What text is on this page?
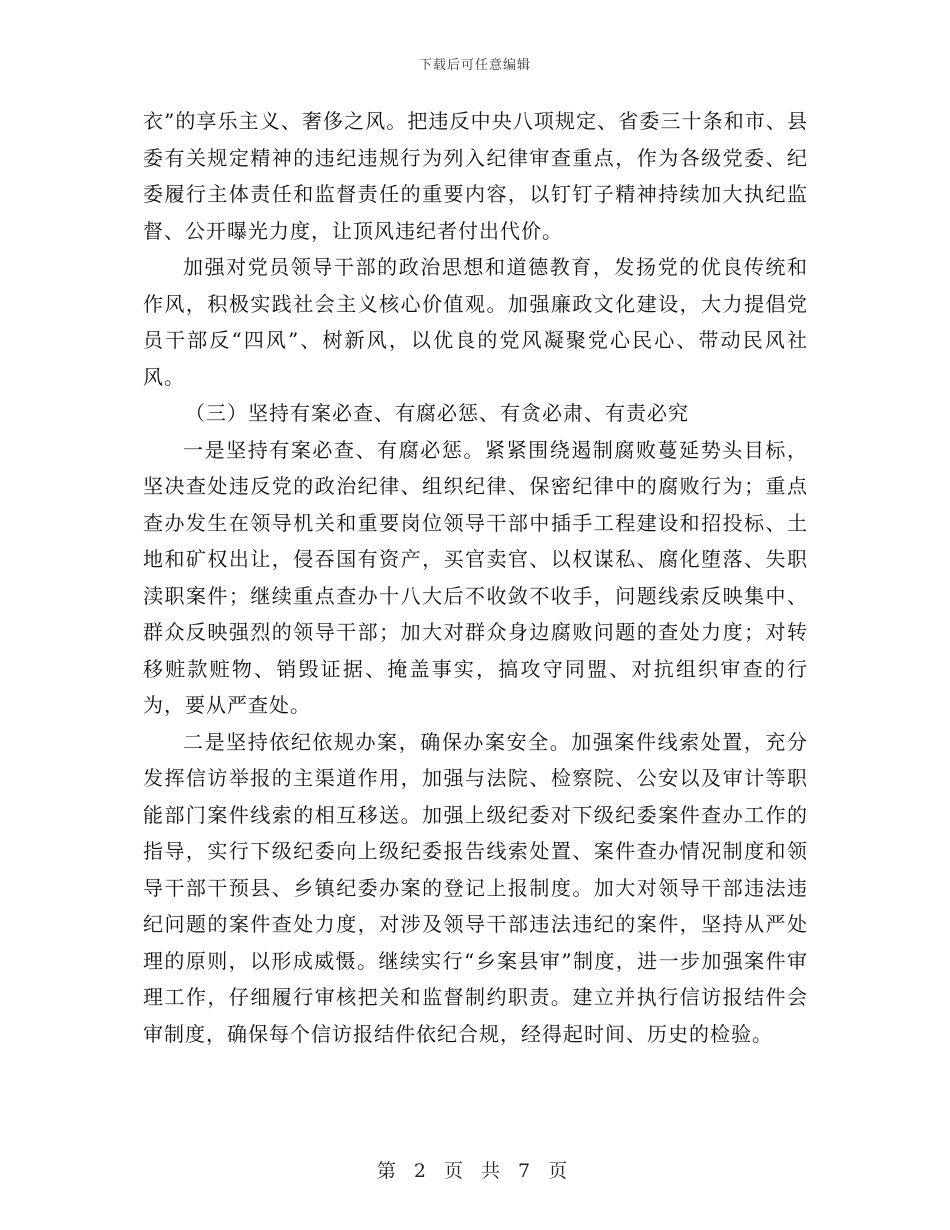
下载后可任意编辑

衣”的享乐主义、奢侈之风。把违反中央八项规定、省委三十条和市、县委有关规定精神的违纪违规行为列入纪律审查重点，作为各级党委、纪委履行主体责任和监督责任的重要内容，以钉钉子精神持续加大执纪监督、公开曝光力度，让顶风违纪者付出代价。

加强对党员领导干部的政治思想和道德教育，发扬党的优良传统和作风，积极实践社会主义核心价值观。加强廉政文化建设，大力提倡党员干部反“四风”、树新风，以优良的党风凝聚党心民心、带动民风社风。

（三）坚持有案必查、有腐必惩、有贪必肃、有责必究

一是坚持有案必查、有腐必惩。紧紧围绕遏制腐败蔓延势头目标，坚决查处违反党的政治纪律、组织纪律、保密纪律中的腐败行为；重点查办发生在领导机关和重要岗位领导干部中插手工程建设和招投标、土地和矿权出让，侵吞国有资产，买官卖官、以权谋私、腐化堕落、失职渎职案件；继续重点查办十八大后不收敛不收手，问题线索反映集中、群众反映强烈的领导干部；加大对群众身边腐败问题的查处力度；对转移赃款赃物、销毁证据、掩盖事实，搞攻守同盟、对抗组织审查的行为，要从严查处。

二是坚持依纪依规办案，确保办案安全。加强案件线索处置，充分发挥信访举报的主渠道作用，加强与法院、检察院、公安以及审计等职能部门案件线索的相互移送。加强上级纪委对下级纪委案件查办工作的指导，实行下级纪委向上级纪委报告线索处置、案件查办情况制度和领导干部干预县、乡镇纪委办案的登记上报制度。加大对领导干部违法违纪问题的案件查处力度，对涉及领导干部违法违纪的案件，坚持从严处理的原则，以形成威慑。继续实行“乡案县审”制度，进一步加强案件审理工作，仔细履行审核把关和监督制约职责。建立并执行信访报结件会审制度，确保每个信访报结件依纪合规，经得起时间、历史的检验。

第 2 页 共 7 页
